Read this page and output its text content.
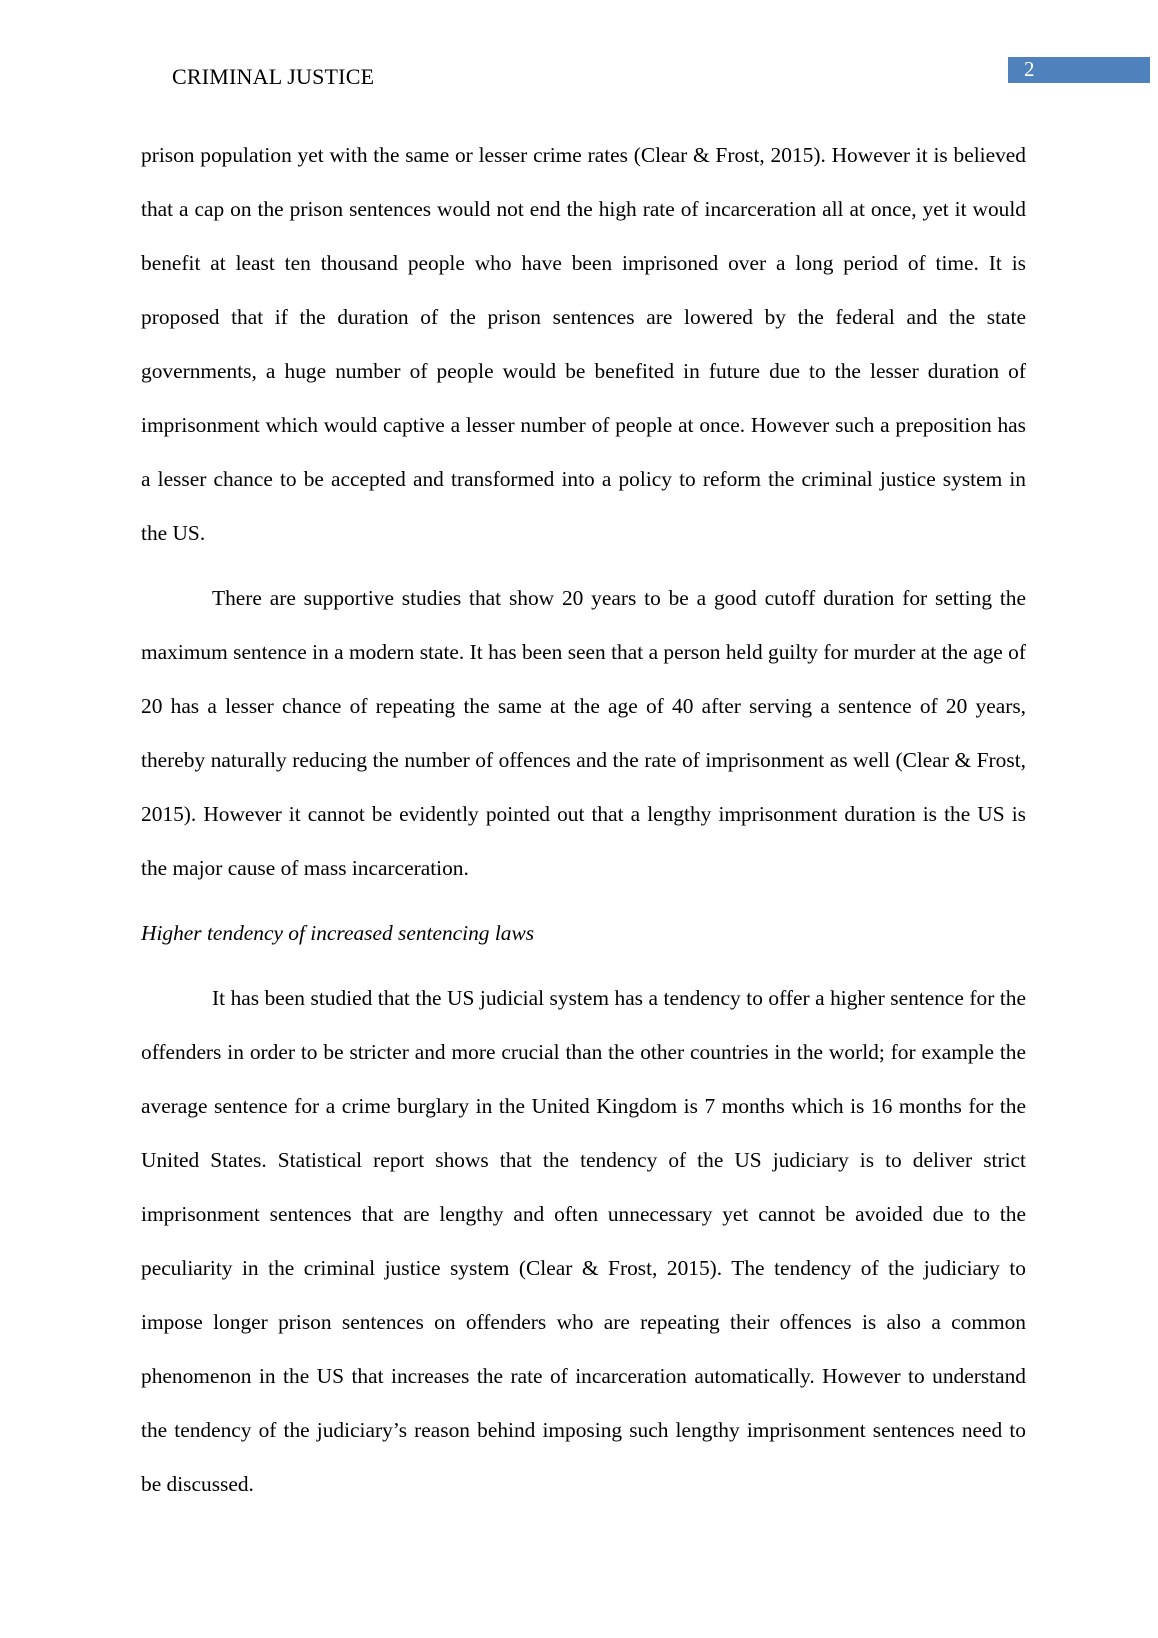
CRIMINAL JUSTICE	2

prison population yet with the same or lesser crime rates (Clear & Frost, 2015). However it is believed that a cap on the prison sentences would not end the high rate of incarceration all at once, yet it would benefit at least ten thousand people who have been imprisoned over a long period of time. It is proposed that if the duration of the prison sentences are lowered by the federal and the state governments, a huge number of people would be benefited in future due to the lesser duration of imprisonment which would captive a lesser number of people at once. However such a preposition has a lesser chance to be accepted and transformed into a policy to reform the criminal justice system in the US.

There are supportive studies that show 20 years to be a good cutoff duration for setting the maximum sentence in a modern state. It has been seen that a person held guilty for murder at the age of 20 has a lesser chance of repeating the same at the age of 40 after serving a sentence of 20 years, thereby naturally reducing the number of offences and the rate of imprisonment as well (Clear & Frost, 2015). However it cannot be evidently pointed out that a lengthy imprisonment duration is the US is the major cause of mass incarceration.

Higher tendency of increased sentencing laws

It has been studied that the US judicial system has a tendency to offer a higher sentence for the offenders in order to be stricter and more crucial than the other countries in the world; for example the average sentence for a crime burglary in the United Kingdom is 7 months which is 16 months for the United States. Statistical report shows that the tendency of the US judiciary is to deliver strict imprisonment sentences that are lengthy and often unnecessary yet cannot be avoided due to the peculiarity in the criminal justice system (Clear & Frost, 2015). The tendency of the judiciary to impose longer prison sentences on offenders who are repeating their offences is also a common phenomenon in the US that increases the rate of incarceration automatically. However to understand the tendency of the judiciary’s reason behind imposing such lengthy imprisonment sentences need to be discussed.
